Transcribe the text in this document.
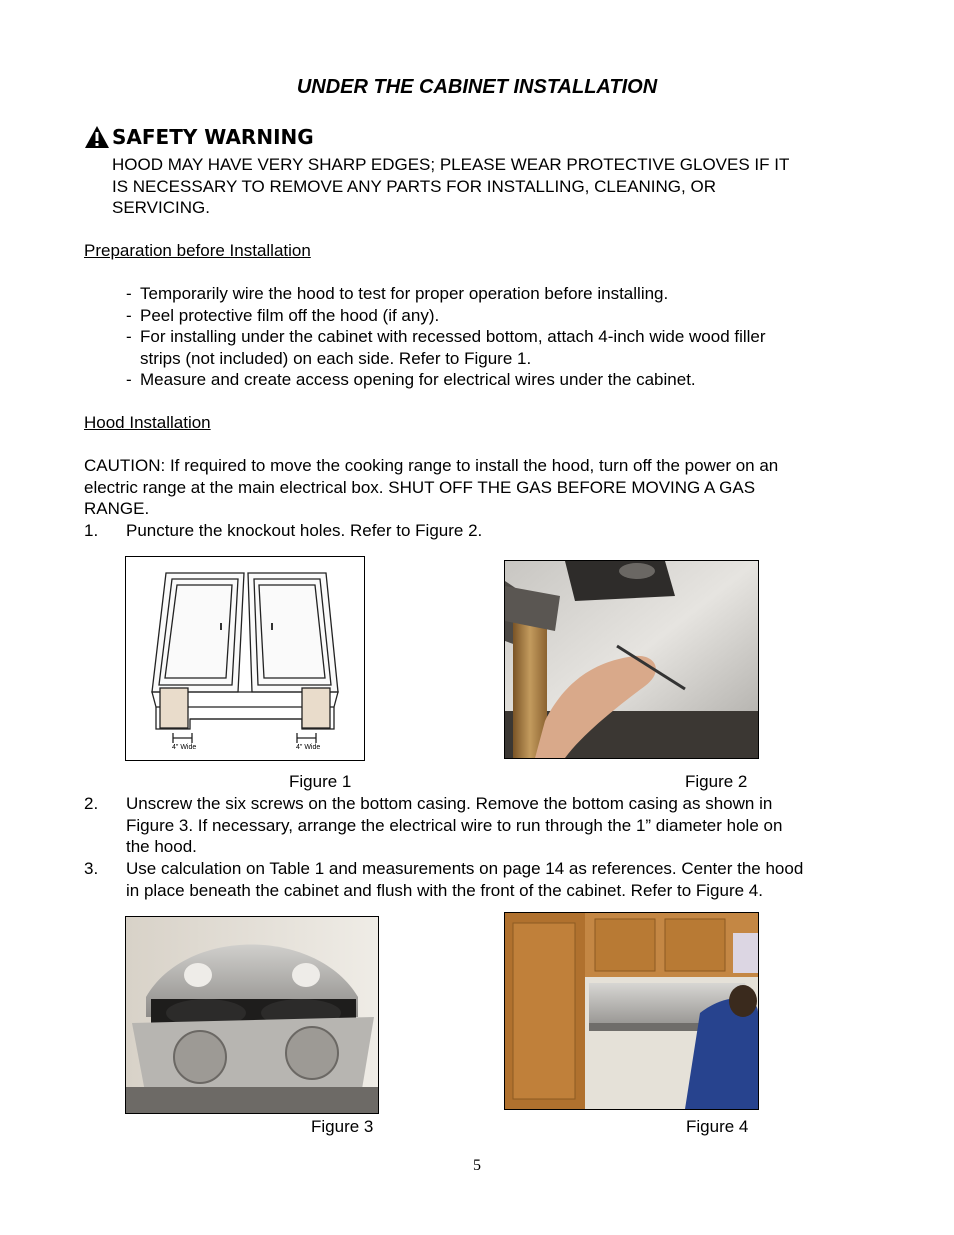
UNDER THE CABINET INSTALLATION
SAFETY WARNING
HOOD MAY HAVE VERY SHARP EDGES; PLEASE WEAR PROTECTIVE GLOVES IF IT
IS NECESSARY TO REMOVE ANY PARTS FOR INSTALLING, CLEANING, OR
SERVICING.
Preparation before Installation
- Temporarily wire the hood to test for proper operation before installing.
- Peel protective film off the hood (if any).
- For installing under the cabinet with recessed bottom, attach 4-inch wide wood filler
strips (not included) on each side. Refer to Figure 1.
- Measure and create access opening for electrical wires under the cabinet.
Hood Installation
CAUTION: If required to move the cooking range to install the hood, turn off the power on an
electric range at the main electrical box. SHUT OFF THE GAS BEFORE MOVING A GAS
RANGE.
1.	Puncture the knockout holes. Refer to Figure 2.
4" Wide	4" Wide
Figure 1	Figure 2
2.	Unscrew the six screws on the bottom casing. Remove the bottom casing as shown in
Figure 3. If necessary, arrange the electrical wire to run through the 1” diameter hole on
the hood.
3.	Use calculation on Table 1 and measurements on page 14 as references. Center the hood
in place beneath the cabinet and flush with the front of the cabinet. Refer to Figure 4.
Figure 3	Figure 4
5
